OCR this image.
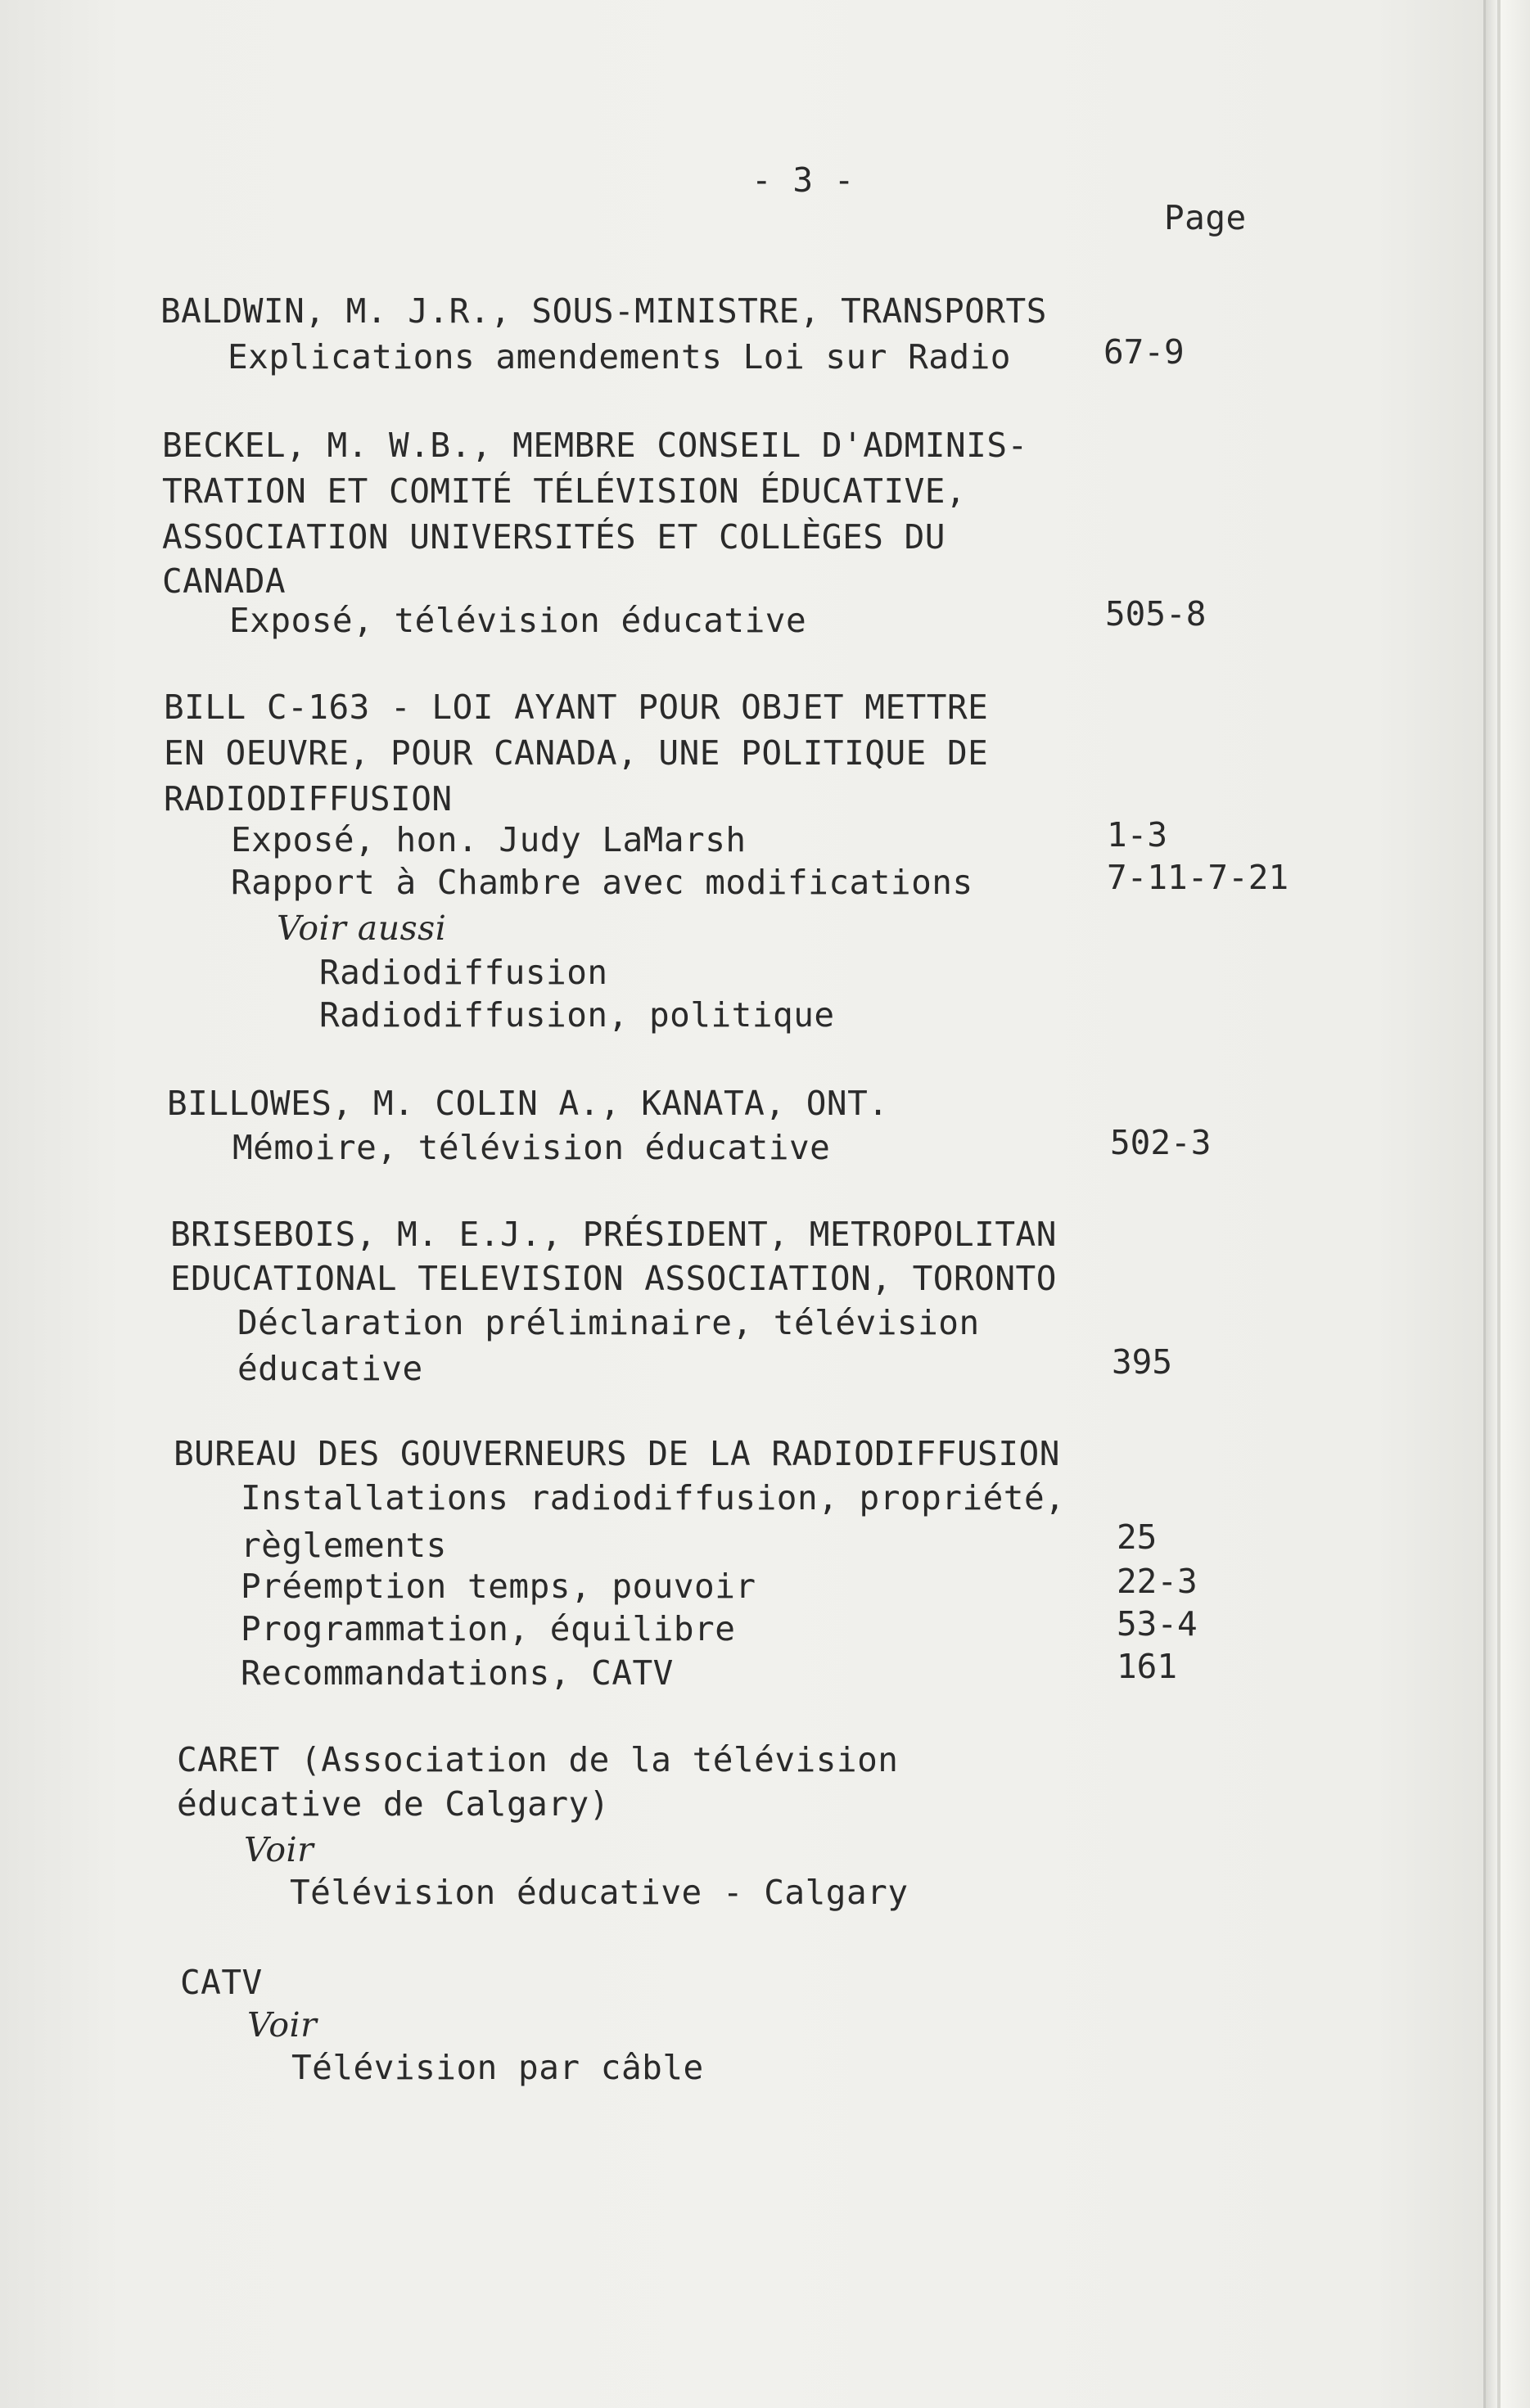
- 3 -
Page
BALDWIN, M. J.R., SOUS-MINISTRE, TRANSPORTS
Explications amendements Loi sur Radio	67-9
BECKEL, M. W.B., MEMBRE CONSEIL D'ADMINIS-
TRATION ET COMITÉ TÉLÉVISION ÉDUCATIVE,
ASSOCIATION UNIVERSITÉS ET COLLÈGES DU
CANADA
Exposé, télévision éducative	505-8
BILL C-163 - LOI AYANT POUR OBJET METTRE
EN OEUVRE, POUR CANADA, UNE POLITIQUE DE
RADIODIFFUSION
Exposé, hon. Judy LaMarsh	1-3
Rapport à Chambre avec modifications	7-11-7-21
Voir aussi
Radiodiffusion
Radiodiffusion, politique
BILLOWES, M. COLIN A., KANATA, ONT.
Mémoire, télévision éducative	502-3
BRISEBOIS, M. E.J., PRÉSIDENT, METROPOLITAN
EDUCATIONAL TELEVISION ASSOCIATION, TORONTO
Déclaration préliminaire, télévision
éducative	395
BUREAU DES GOUVERNEURS DE LA RADIODIFFUSION
Installations radiodiffusion, propriété,
règlements	25
Préemption temps, pouvoir	22-3
Programmation, équilibre	53-4
Recommandations, CATV	161
CARET (Association de la télévision
éducative de Calgary)
Voir
Télévision éducative - Calgary
CATV
Voir
Télévision par câble
